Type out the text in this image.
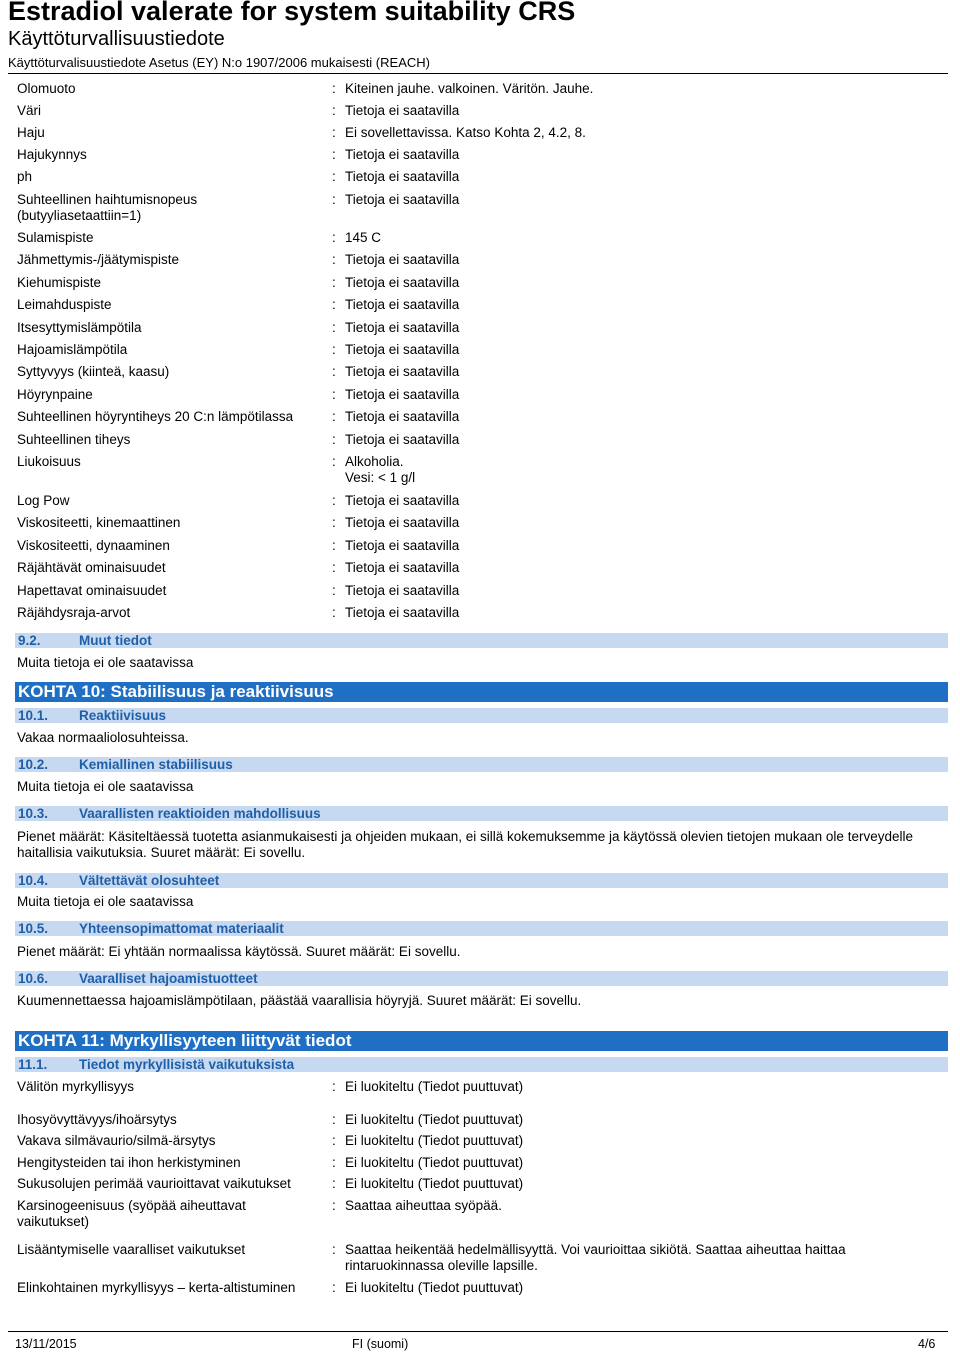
Estradiol valerate for system suitability CRS
Käyttöturvallisuustiedote
Käyttöturvalisuustiedote Asetus (EY) N:o 1907/2006 mukaisesti (REACH)
Olomuoto	: Kiteinen jauhe. valkoinen. Väritön. Jauhe.
Väri	: Tietoja ei saatavilla
Haju	: Ei sovellettavissa. Katso Kohta 2, 4.2, 8.
Hajukynnys	: Tietoja ei saatavilla
ph	: Tietoja ei saatavilla
Suhteellinen haihtumisnopeus
(butyyliasetaattiin=1)
: Tietoja ei saatavilla
Sulamispiste	: 145 C
Jähmettymis-/jäätymispiste	: Tietoja ei saatavilla
Kiehumispiste	: Tietoja ei saatavilla
Leimahduspiste	: Tietoja ei saatavilla
Itsesyttymislämpötila	: Tietoja ei saatavilla
Hajoamislämpötila	: Tietoja ei saatavilla
Syttyvyys (kiinteä, kaasu)	: Tietoja ei saatavilla
Höyrynpaine	: Tietoja ei saatavilla
Suhteellinen höyryntiheys 20 C:n lämpötilassa	: Tietoja ei saatavilla
Suhteellinen tiheys	: Tietoja ei saatavilla
Liukoisuus	: Alkoholia.
Vesi: < 1 g/l
Log Pow	: Tietoja ei saatavilla
Viskositeetti, kinemaattinen	: Tietoja ei saatavilla
Viskositeetti, dynaaminen	: Tietoja ei saatavilla
Räjähtävät ominaisuudet	: Tietoja ei saatavilla
Hapettavat ominaisuudet	: Tietoja ei saatavilla
Räjähdysraja-arvot	: Tietoja ei saatavilla
9.2.	Muut tiedot
Muita tietoja ei ole saatavissa
KOHTA 10: Stabiilisuus ja reaktiivisuus
10.1. Reaktiivisuus
Vakaa normaaliolosuhteissa.
10.2. Kemiallinen stabiilisuus
Muita tietoja ei ole saatavissa
10.3. Vaarallisten reaktioiden mahdollisuus
Pienet määrät: Käsiteltäessä tuotetta asianmukaisesti ja ohjeiden mukaan, ei sillä kokemuksemme ja käytössä olevien tietojen mukaan ole terveydelle haitallisia vaikutuksia. Suuret määrät: Ei sovellu.
10.4. Vältettävät olosuhteet
Muita tietoja ei ole saatavissa
10.5. Yhteensopimattomat materiaalit
Pienet määrät: Ei yhtään normaalissa käytössä. Suuret määrät: Ei sovellu.
10.6. Vaaralliset hajoamistuotteet
Kuumennettaessa hajoamislämpötilaan, päästää vaarallisia höyryjä. Suuret määrät: Ei sovellu.
KOHTA 11: Myrkyllisyyteen liittyvät tiedot
11.1. Tiedot myrkyllisistä vaikutuksista
Välitön myrkyllisyys	: Ei luokiteltu (Tiedot puuttuvat)
Ihosyövyttävyys/ihoärsytys	: Ei luokiteltu (Tiedot puuttuvat)
Vakava silmävaurio/silmä-ärsytys	: Ei luokiteltu (Tiedot puuttuvat)
Hengitysteiden tai ihon herkistyminen	: Ei luokiteltu (Tiedot puuttuvat)
Sukusolujen perimää vaurioittavat vaikutukset	: Ei luokiteltu (Tiedot puuttuvat)
Karsinogeenisuus (syöpää aiheuttavat
vaikutukset)
: Saattaa aiheuttaa syöpää.
Lisääntymiselle vaaralliset vaikutukset	: Saattaa heikentää hedelmällisyyttä. Voi vaurioittaa sikiötä. Saattaa aiheuttaa haittaa
rintaruokinnassa oleville lapsille.
Elinkohtainen myrkyllisyys – kerta-altistuminen	: Ei luokiteltu (Tiedot puuttuvat)
13/11/2015	FI (suomi)	4/6
